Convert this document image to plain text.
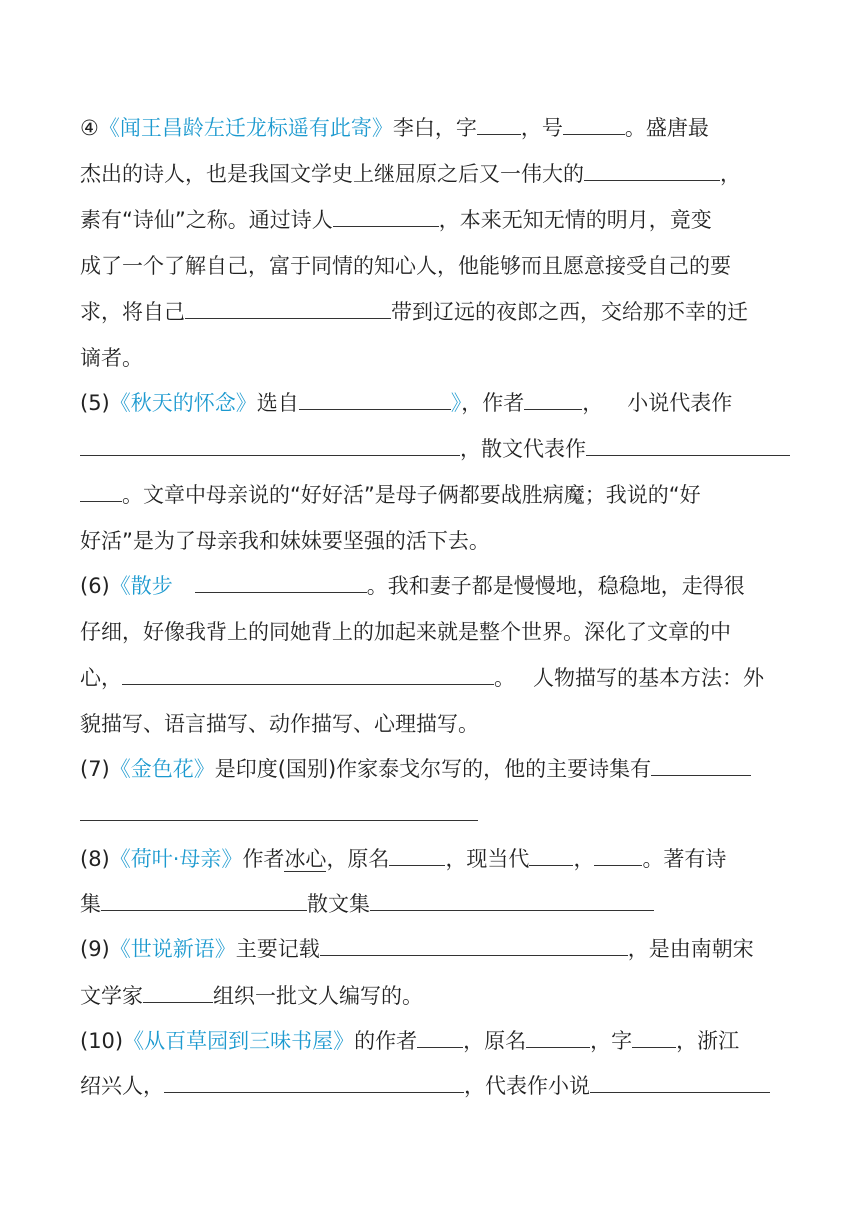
④《闻王昌龄左迁龙标遥有此寄》李白，字 ，号	。盛唐最
杰出的诗人，也是我国文学史上继屈原之后又一伟大的	，
素有“诗仙”之称。通过诗人	，本来无知无情的明月，竟变
成了一个了解自己，富于同情的知心人，他能够而且愿意接受自己的要
求，将自己	带到辽远的夜郎之西，交给那不幸的迁
谪者。
(5)《秋天的怀念》选自	》，作者	， 小说代表作
，散文代表作
。文章中母亲说的“好好活”是母子俩都要战胜病魔；我说的“好
好活”是为了母亲我和妹妹要坚强的活下去。
(6)《散步	。我和妻子都是慢慢地，稳稳地，走得很
仔细，好像我背上的同她背上的加起来就是整个世界。深化了文章的中
心，	。 人物描写的基本方法：外
貌描写、语言描写、动作描写、心理描写。
(7)《金色花》是印度(国别)作家泰戈尔写的，他的主要诗集有
(8)《荷叶·母亲》作者冰心，原名	，现当代 ， 。著有诗
集	散文集
(9)《世说新语》主要记载	，是由南朝宋
文学家	组织一批文人编写的。
(10)《从百草园到三味书屋》的作者 ，原名	，字 ，浙江
绍兴人，	，代表作小说
